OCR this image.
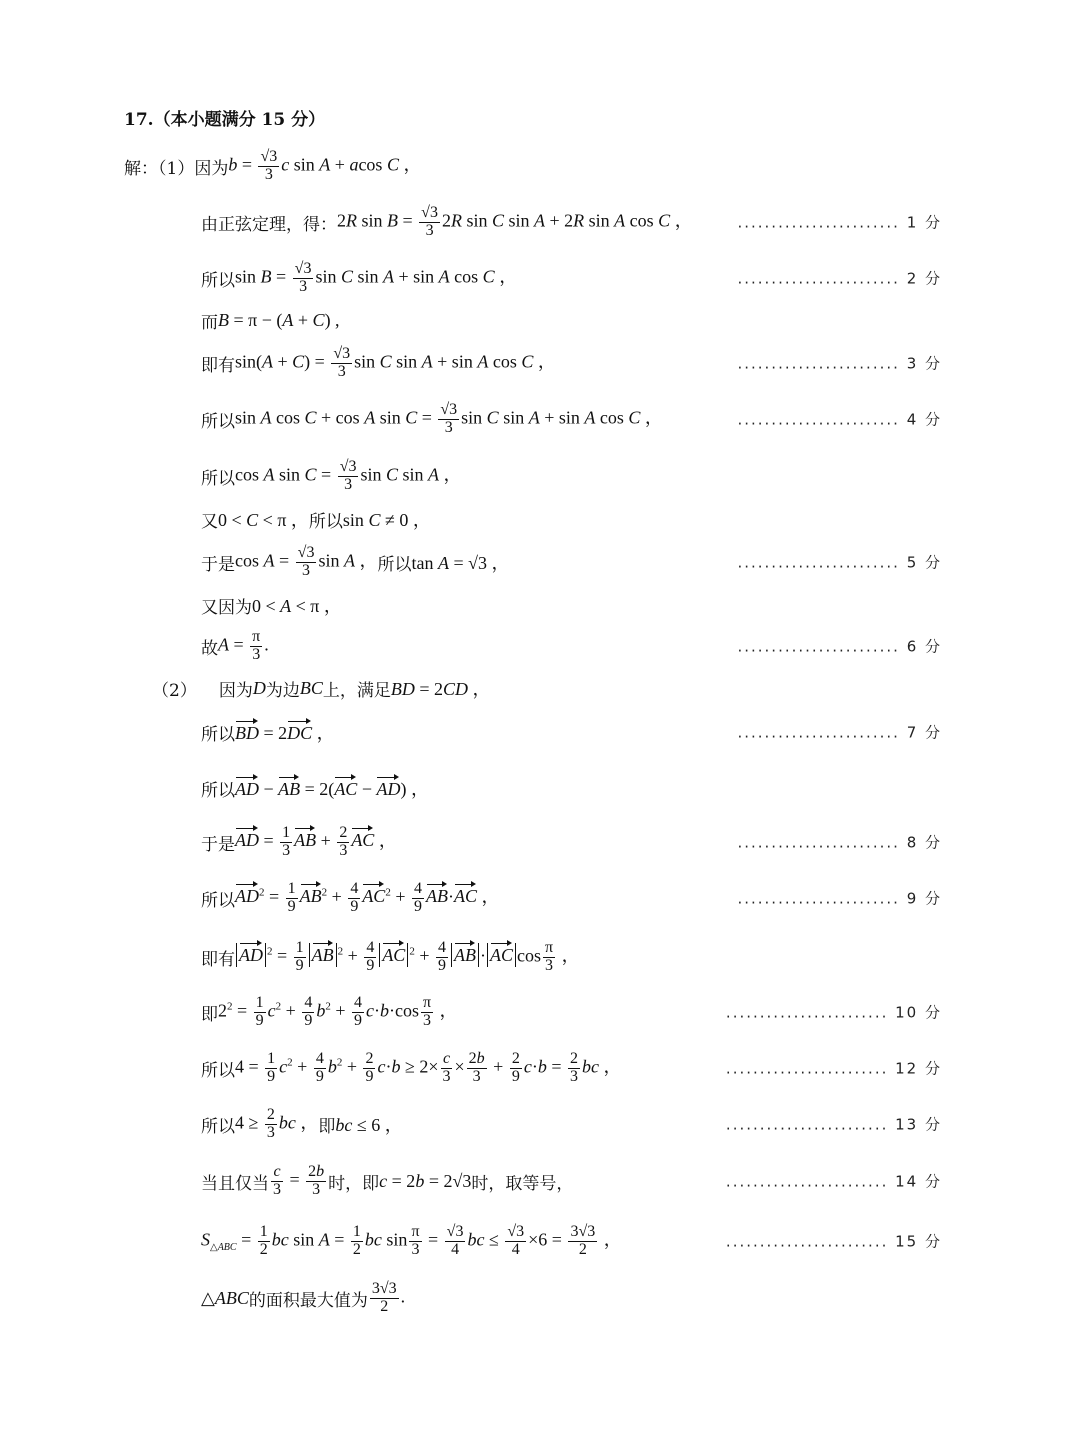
17.（本小题满分 15 分）
解：（1） 因为 $b = \frac{√3}{3}$ c sin A + acos C ，
由正弦定理，得： 2R $\sin B = \frac{√3}{3} 2R$ sin C sin A + 2R sin A cos C ，	........................ 1 分
所以 $\sin B = \frac{√3}{3}$ sin C sin A + sin A cos C ，	........................ 2 分
而 B = π − (A + C) ,
即有 $\sin(A + C) = \frac{√3}{3}$ sin C sin A + sin A cos C ，	........................ 3 分
所以 sin A cos C + cos A $\sin C = \frac{√3}{3}$ sin C sin A + sin A cos C ，	........................ 4 分
所以 cos A $\sin C = \frac{√3}{3}$ sin C sin A ，
又 0 < C < π ， 所以 sin C ≠ 0 ，
于是 $\cos A = \frac{√3}{3}$ sin A ， 所以 tan A = √3 ，	........................ 5 分
又因为 0 < A < π ，
故 $A = \frac{\pi}{3}$ .	........................ 6 分
（2） 因为 D 为边 BC 上，满足 BD = 2CD ，
所以 BD = 2DC ，	........................ 7 分
所以 AD − AB = 2(AC − AD) ，
于是 AD = $\frac{1}{3}$ AB + $\frac{2}{3}$ AC ，	........................ 8 分
所以 $AD^2 = \frac{1}{9} AB^2 + \frac{4}{9} AC^2 + \frac{4}{9} AB\cdot AC$ ，	........................ 9 分
即有 AD $^2 = \frac{1}{9}$ AB $^2 + \frac{4}{9}$ AC $^2 + \frac{4}{9}$ AB · AC $\cos \frac{\pi}{3}$ ，
即 $2^2 = \frac{1}{9} c^2 + \frac{4}{9} b^2 + \frac{4}{9} c\cdot b\cdot\cos \frac{\pi}{3}$ ，	........................ 10 分
所以 $4 = \frac{1}{9} c^2 + \frac{4}{9} b^2 + \frac{2}{9} c\cdot b \ge 2\times \frac{c}{3} \times \frac{2b}{3} + \frac{2}{9} c\cdot b = \frac{2}{3}$ bc ，	........................ 12 分
所以 $4 \ge \frac{2}{3}$ bc ， 即 bc ≤ 6 ，	........................ 13 分
当且仅当 $\frac{c}{3} = \frac{2b}{3}$ 时，即 c = 2b = 2√3 时，取等号，	........................ 14 分
$S_{\triangle ABC} = \frac{1}{2}$ bc $\sin A = \frac{1}{2}$ bc $\sin \frac{\pi}{3} = \frac{√3}{4}$ bc ≤ $\frac{√3}{4} \times 6 = \frac{3√3}{2}$ ，	........................ 15 分
△ABC 的面积最大值为 $\frac{3√3}{2}$ .
